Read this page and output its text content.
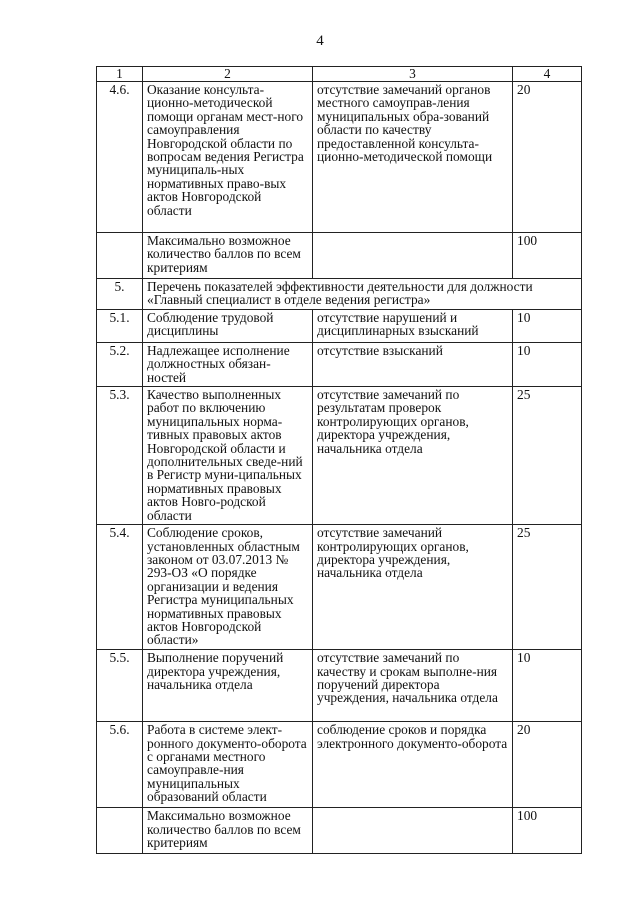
4
1	2	3	4
4.6.	Оказание консульта-ционно-методической помощи органам мест-ного самоуправления Новгородской области по вопросам ведения Регистра муниципаль-ных нормативных право-вых актов Новгородской области	отсутствие замечаний органов местного самоуправ-ления муниципальных обра-зований области по качеству предоставленной консульта-ционно-методической помощи	20
	Максимально возможное количество баллов по всем критериям		100
5.	Перечень показателей эффективности деятельности для должности «Главный специалист в отделе ведения регистра»		
5.1.	Соблюдение трудовой дисциплины	отсутствие нарушений и дисциплинарных взысканий	10
5.2.	Надлежащее исполнение должностных обязан-ностей	отсутствие взысканий	10
5.3.	Качество выполненных работ по включению муниципальных норма-тивных правовых актов Новгородской области и дополнительных сведе-ний в Регистр муни-ципальных нормативных правовых актов Новго-родской области	отсутствие замечаний по результатам проверок контролирующих органов, директора учреждения, начальника отдела	25
5.4.	Соблюдение сроков, установленных областным законом от 03.07.2013 № 293-ОЗ «О порядке организации и ведения Регистра муниципальных нормативных правовых актов Новгородской области»	отсутствие замечаний контролирующих органов, директора учреждения, начальника отдела	25
5.5.	Выполнение поручений директора учреждения, начальника отдела	отсутствие замечаний по качеству и срокам выполне-ния поручений директора учреждения, начальника отдела	10
5.6.	Работа в системе элект-ронного документо-оборота с органами местного самоуправле-ния муниципальных образований области	соблюдение сроков и порядка электронного документо-оборота	20
	Максимально возможное количество баллов по всем критериям		100
